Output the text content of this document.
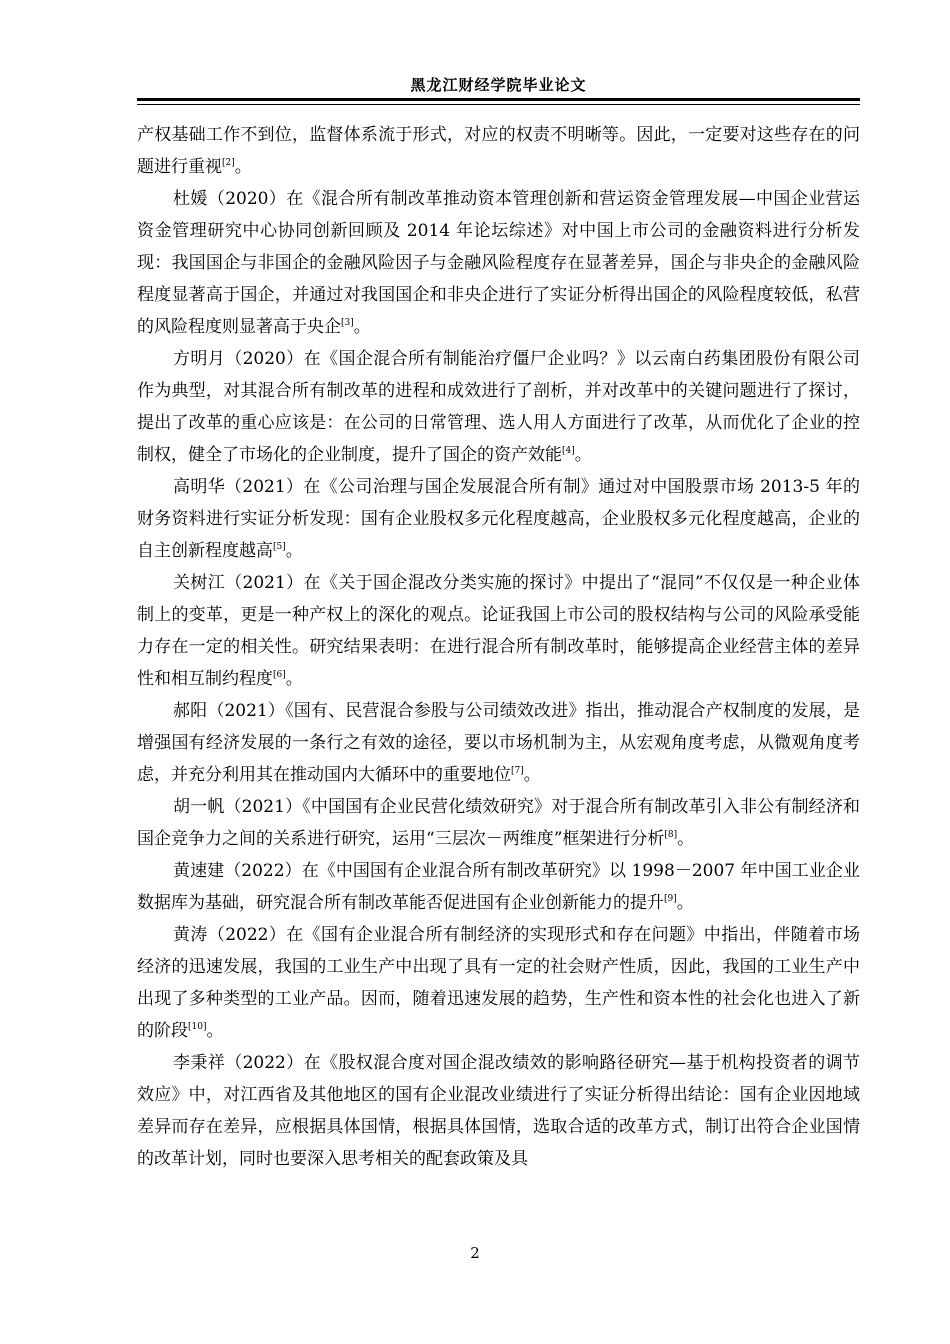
黑龙江财经学院毕业论文

产权基础工作不到位，监督体系流于形式，对应的权责不明晰等。因此，一定要对这些存在的问题进行重视[2]。

杜媛（2020）在《混合所有制改革推动资本管理创新和营运资金管理发展—中国企业营运资金管理研究中心协同创新回顾及 2014 年论坛综述》对中国上市公司的金融资料进行分析发现：我国国企与非国企的金融风险因子与金融风险程度存在显著差异，国企与非央企的金融风险程度显著高于国企，并通过对我国国企和非央企进行了实证分析得出国企的风险程度较低，私营的风险程度则显著高于央企[3]。

方明月（2020）在《国企混合所有制能治疗僵尸企业吗？》以云南白药集团股份有限公司作为典型，对其混合所有制改革的进程和成效进行了剖析，并对改革中的关键问题进行了探讨，提出了改革的重心应该是：在公司的日常管理、选人用人方面进行了改革，从而优化了企业的控制权，健全了市场化的企业制度，提升了国企的资产效能[4]。

高明华（2021）在《公司治理与国企发展混合所有制》通过对中国股票市场 2013-5 年的财务资料进行实证分析发现：国有企业股权多元化程度越高，企业股权多元化程度越高，企业的自主创新程度越高[5]。

关树江（2021）在《关于国企混改分类实施的探讨》中提出了“混同”不仅仅是一种企业体制上的变革，更是一种产权上的深化的观点。论证我国上市公司的股权结构与公司的风险承受能力存在一定的相关性。研究结果表明：在进行混合所有制改革时，能够提高企业经营主体的差异性和相互制约程度[6]。

郝阳（2021）《国有、民营混合参股与公司绩效改进》指出，推动混合产权制度的发展，是增强国有经济发展的一条行之有效的途径，要以市场机制为主，从宏观角度考虑，从微观角度考虑，并充分利用其在推动国内大循环中的重要地位[7]。

胡一帆（2021）《中国国有企业民营化绩效研究》对于混合所有制改革引入非公有制经济和国企竞争力之间的关系进行研究，运用“三层次－两维度”框架进行分析[8]。

黄速建（2022）在《中国国有企业混合所有制改革研究》以 1998－2007 年中国工业企业数据库为基础，研究混合所有制改革能否促进国有企业创新能力的提升[9]。

黄涛（2022）在《国有企业混合所有制经济的实现形式和存在问题》中指出，伴随着市场经济的迅速发展，我国的工业生产中出现了具有一定的社会财产性质，因此，我国的工业生产中出现了多种类型的工业产品。因而，随着迅速发展的趋势，生产性和资本性的社会化也进入了新的阶段[10]。

李秉祥（2022）在《股权混合度对国企混改绩效的影响路径研究—基于机构投资者的调节效应》中，对江西省及其他地区的国有企业混改业绩进行了实证分析得出结论：国有企业因地域差异而存在差异，应根据具体国情，根据具体国情，选取合适的改革方式，制订出符合企业国情的改革计划，同时也要深入思考相关的配套政策及具

2
